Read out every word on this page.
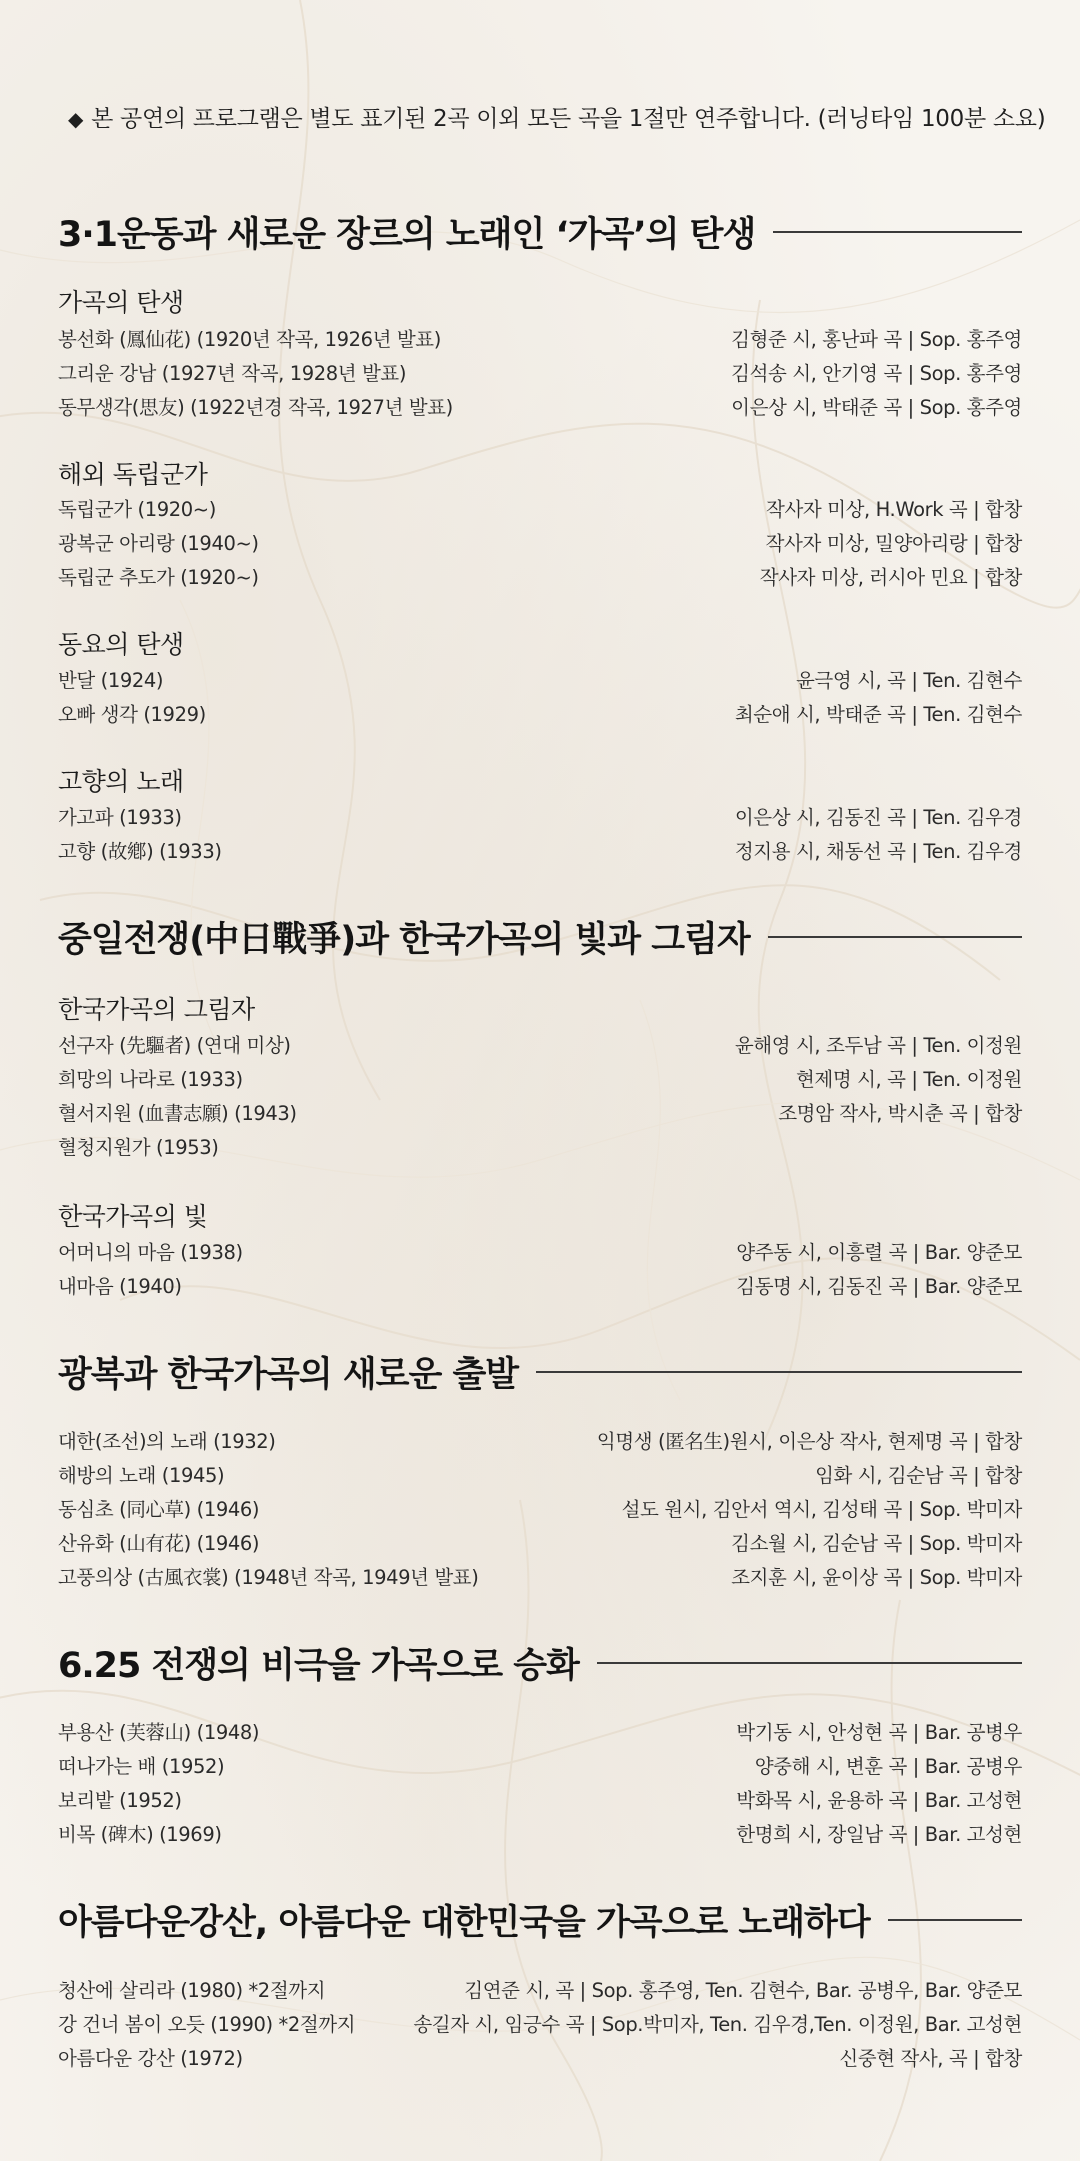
◆ 본 공연의 프로그램은 별도 표기된 2곡 이외 모든 곡을 1절만 연주합니다. (러닝타임 100분 소요)
3·1운동과 새로운 장르의 노래인 ‘가곡’의 탄생
가곡의 탄생
봉선화 (鳳仙花) (1920년 작곡, 1926년 발표)	김형준 시, 홍난파 곡 | Sop. 홍주영
그리운 강남 (1927년 작곡, 1928년 발표)	김석송 시, 안기영 곡 | Sop. 홍주영
동무생각(思友) (1922년경 작곡, 1927년 발표)	이은상 시, 박태준 곡 | Sop. 홍주영
해외 독립군가
독립군가 (1920~)	작사자 미상, H.Work 곡 | 합창
광복군 아리랑 (1940~)	작사자 미상, 밀양아리랑 | 합창
독립군 추도가 (1920~)	작사자 미상, 러시아 민요 | 합창
동요의 탄생
반달 (1924)	윤극영 시, 곡 | Ten. 김현수
오빠 생각 (1929)	최순애 시, 박태준 곡 | Ten. 김현수
고향의 노래
가고파 (1933)	이은상 시, 김동진 곡 | Ten. 김우경
고향 (故鄕) (1933)	정지용 시, 채동선 곡 | Ten. 김우경
중일전쟁(中日戰爭)과 한국가곡의 빛과 그림자
한국가곡의 그림자
선구자 (先驅者) (연대 미상)	윤해영 시, 조두남 곡 | Ten. 이정원
희망의 나라로 (1933)	현제명 시, 곡 | Ten. 이정원
혈서지원 (血書志願) (1943)	조명암 작사, 박시춘 곡 | 합창
혈청지원가 (1953)
한국가곡의 빛
어머니의 마음 (1938)	양주동 시, 이흥렬 곡 | Bar. 양준모
내마음 (1940)	김동명 시, 김동진 곡 | Bar. 양준모
광복과 한국가곡의 새로운 출발
대한(조선)의 노래 (1932)	익명생 (匿名生)원시, 이은상 작사, 현제명 곡 | 합창
해방의 노래 (1945)	임화 시, 김순남 곡 | 합창
동심초 (同心草) (1946)	설도 원시, 김안서 역시, 김성태 곡 | Sop. 박미자
산유화 (山有花) (1946)	김소월 시, 김순남 곡 | Sop. 박미자
고풍의상 (古風衣裳) (1948년 작곡, 1949년 발표)	조지훈 시, 윤이상 곡 | Sop. 박미자
6.25 전쟁의 비극을 가곡으로 승화
부용산 (芙蓉山) (1948)	박기동 시, 안성현 곡 | Bar. 공병우
떠나가는 배 (1952)	양중해 시, 변훈 곡 | Bar. 공병우
보리밭 (1952)	박화목 시, 윤용하 곡 | Bar. 고성현
비목 (碑木) (1969)	한명희 시, 장일남 곡 | Bar. 고성현
아름다운강산, 아름다운 대한민국을 가곡으로 노래하다
청산에 살리라 (1980) *2절까지	김연준 시, 곡 | Sop. 홍주영, Ten. 김현수, Bar. 공병우, Bar. 양준모
강 건너 봄이 오듯 (1990) *2절까지	송길자 시, 임긍수 곡 | Sop.박미자, Ten. 김우경,Ten. 이정원, Bar. 고성현
아름다운 강산 (1972)	신중현 작사, 곡 | 합창
